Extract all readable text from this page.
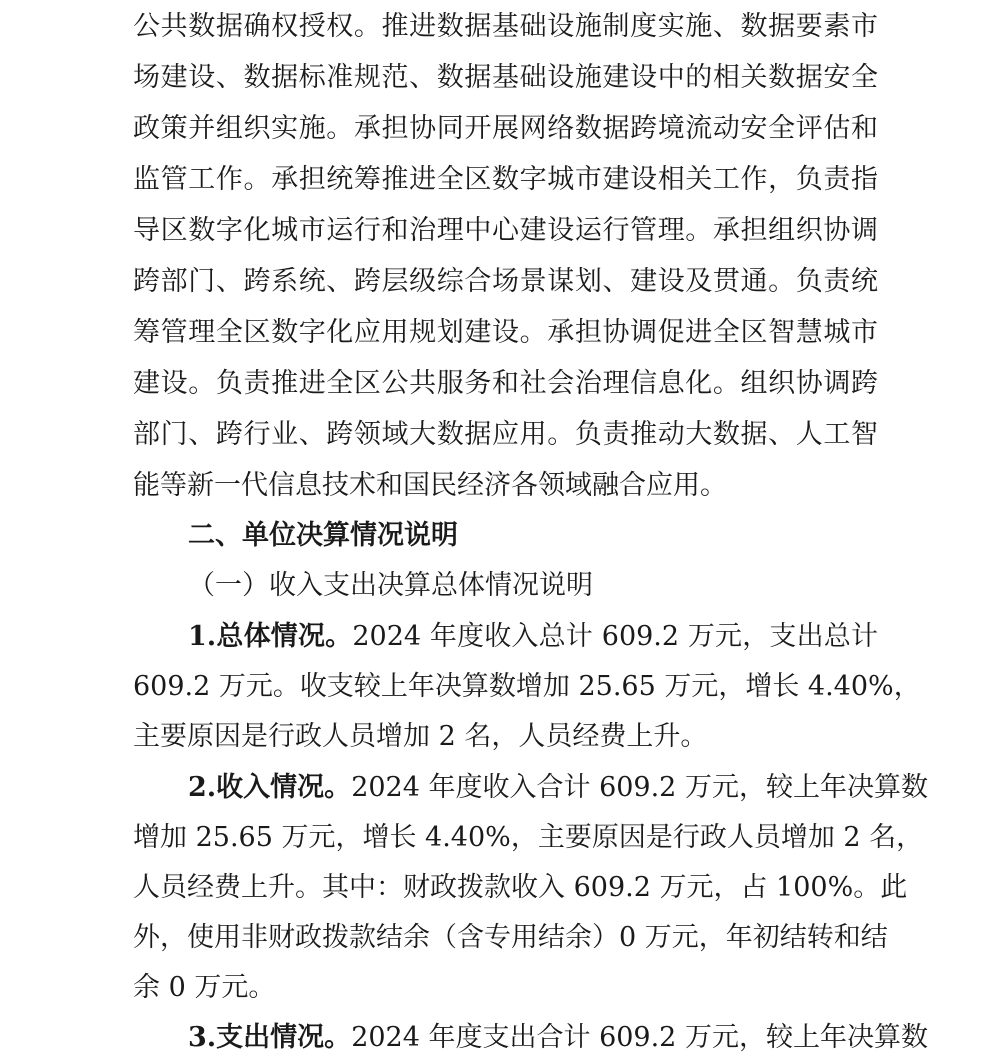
公共数据确权授权。推进数据基础设施制度实施、数据要素市
场建设、数据标准规范、数据基础设施建设中的相关数据安全
政策并组织实施。承担协同开展网络数据跨境流动安全评估和
监管工作。承担统筹推进全区数字城市建设相关工作，负责指
导区数字化城市运行和治理中心建设运行管理。承担组织协调
跨部门、跨系统、跨层级综合场景谋划、建设及贯通。负责统
筹管理全区数字化应用规划建设。承担协调促进全区智慧城市
建设。负责推进全区公共服务和社会治理信息化。组织协调跨
部门、跨行业、跨领域大数据应用。负责推动大数据、人工智
能等新一代信息技术和国民经济各领域融合应用。
二、单位决算情况说明
（一）收入支出决算总体情况说明
1.总体情况。2024 年度收入总计 609.2 万元，支出总计
609.2 万元。收支较上年决算数增加 25.65 万元，增长 4.40%，
主要原因是行政人员增加 2 名，人员经费上升。
2.收入情况。2024 年度收入合计 609.2 万元，较上年决算数
增加 25.65 万元，增长 4.40%，主要原因是行政人员增加 2 名，
人员经费上升。其中：财政拨款收入 609.2 万元，占 100%。此
外，使用非财政拨款结余（含专用结余）0 万元，年初结转和结
余 0 万元。
3.支出情况。2024 年度支出合计 609.2 万元，较上年决算数
